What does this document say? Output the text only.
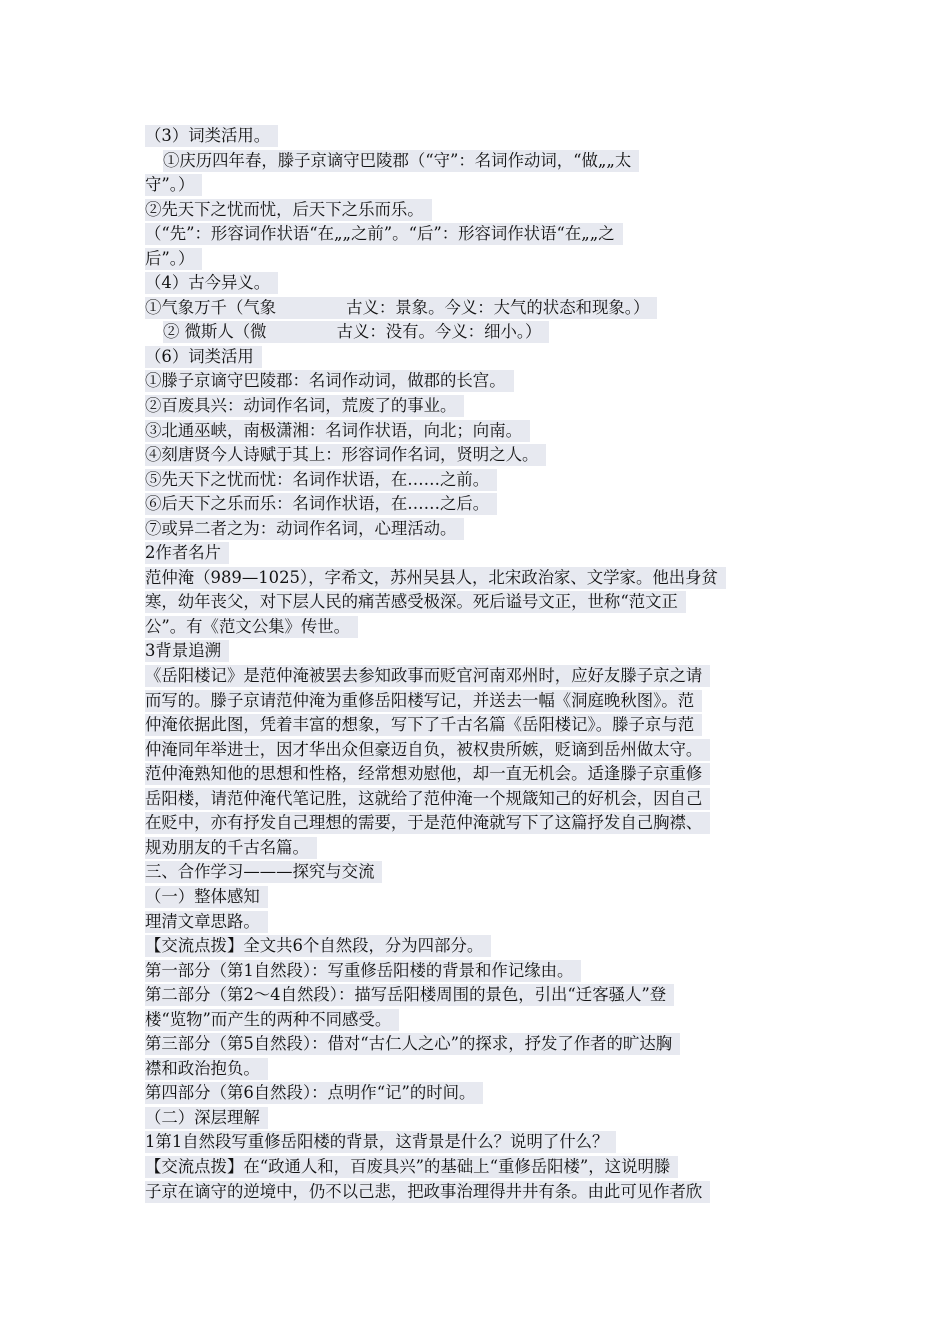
（3）词类活用。
①庆历四年春，滕子京谪守巴陵郡（“守”：名词作动词，“做„„太
守”。）
②先天下之忧而忧，后天下之乐而乐。
（“先”：形容词作状语“在„„之前”。“后”：形容词作状语“在„„之
后”。）
（4）古今异义。
①气象万千（气象	古义：景象。今义：大气的状态和现象。）
② 微斯人（微	古义：没有。今义：细小。）
（6）词类活用
①滕子京谪守巴陵郡：名词作动词，做郡的长宫。
②百废具兴：动词作名词，荒废了的事业。
③北通巫峡，南极潇湘：名词作状语，向北；向南。
④刻唐贤今人诗赋于其上：形容词作名词，贤明之人。
⑤先天下之忧而忧：名词作状语，在……之前。
⑥后天下之乐而乐：名词作状语，在……之后。
⑦或异二者之为：动词作名词，心理活动。
2作者名片
范仲淹（989—1025），字希文，苏州吴县人，北宋政治家、文学家。他出身贫
寒，幼年丧父，对下层人民的痛苦感受极深。死后谥号文正，世称“范文正
公”。有《范文公集》传世。
3背景追溯
《岳阳楼记》是范仲淹被罢去参知政事而贬官河南邓州时，应好友滕子京之请
而写的。滕子京请范仲淹为重修岳阳楼写记，并送去一幅《洞庭晚秋图》。范
仲淹依据此图，凭着丰富的想象，写下了千古名篇《岳阳楼记》。滕子京与范
仲淹同年举进士，因才华出众但豪迈自负，被权贵所嫉，贬谪到岳州做太守。
范仲淹熟知他的思想和性格，经常想劝慰他，却一直无机会。适逢滕子京重修
岳阳楼，请范仲淹代笔记胜，这就给了范仲淹一个规箴知己的好机会，因自己
在贬中，亦有抒发自己理想的需要，于是范仲淹就写下了这篇抒发自己胸襟、
规劝朋友的千古名篇。
三、合作学习———探究与交流
（一）整体感知
理清文章思路。
【交流点拨】全文共6个自然段，分为四部分。
第一部分（第1自然段）：写重修岳阳楼的背景和作记缘由。
第二部分（第2～4自然段）：描写岳阳楼周围的景色，引出“迁客骚人”登
楼“览物”而产生的两种不同感受。
第三部分（第5自然段）：借对“古仁人之心”的探求，抒发了作者的旷达胸
襟和政治抱负。
第四部分（第6自然段）：点明作“记”的时间。
（二）深层理解
1第1自然段写重修岳阳楼的背景，这背景是什么？说明了什么？
【交流点拨】在“政通人和，百废具兴”的基础上“重修岳阳楼”，这说明滕
子京在谪守的逆境中，仍不以己悲，把政事治理得井井有条。由此可见作者欣
